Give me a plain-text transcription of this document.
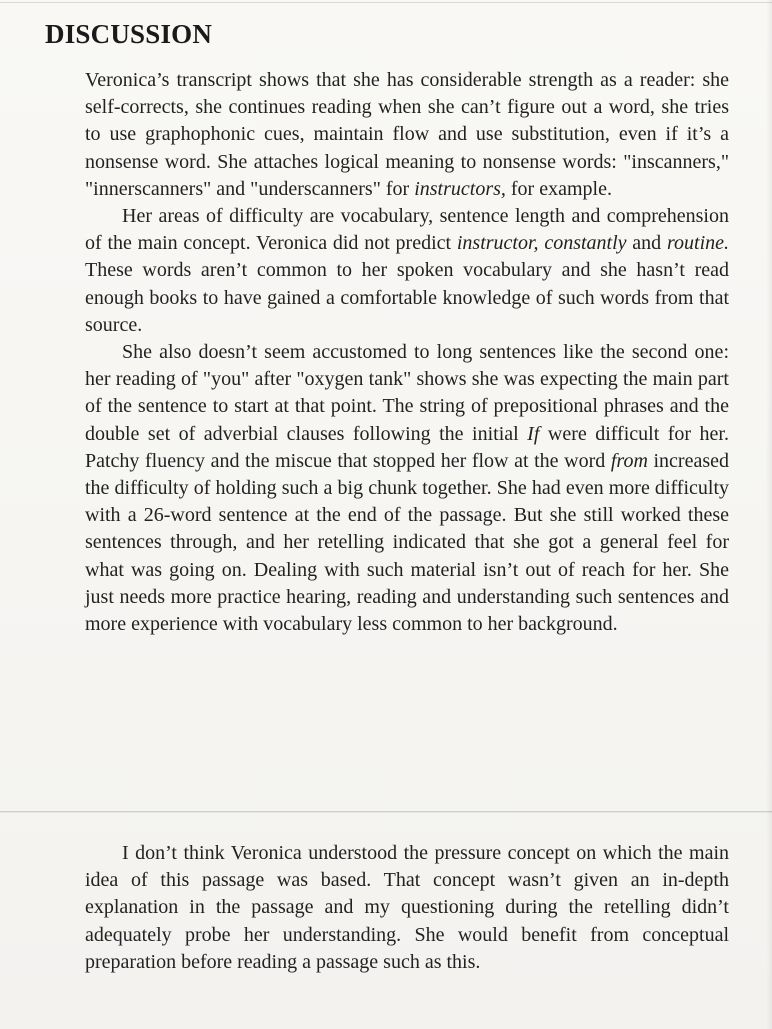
DISCUSSION

Veronica’s transcript shows that she has considerable strength as a reader: she self-corrects, she continues reading when she can’t figure out a word, she tries to use graphophonic cues, maintain flow and use substitution, even if it’s a nonsense word. She attaches logical meaning to nonsense words: "inscanners," "innerscanners" and "underscanners" for instructors, for example.

Her areas of difficulty are vocabulary, sentence length and comprehension of the main concept. Veronica did not predict instructor, constantly and routine. These words aren’t common to her spoken vocabulary and she hasn’t read enough books to have gained a comfortable knowledge of such words from that source.

She also doesn’t seem accustomed to long sentences like the second one: her reading of "you" after "oxygen tank" shows she was expecting the main part of the sentence to start at that point. The string of prepositional phrases and the double set of adverbial clauses following the initial If were difficult for her. Patchy fluency and the miscue that stopped her flow at the word from increased the difficulty of holding such a big chunk together. She had even more difficulty with a 26-word sentence at the end of the passage. But she still worked these sentences through, and her retelling indicated that she got a general feel for what was going on. Dealing with such material isn’t out of reach for her. She just needs more practice hearing, reading and understanding such sentences and more experience with vocabulary less common to her background.

I don’t think Veronica understood the pressure concept on which the main idea of this passage was based. That concept wasn’t given an in-depth explanation in the passage and my questioning during the retelling didn’t adequately probe her understanding. She would benefit from conceptual preparation before reading a passage such as this.
